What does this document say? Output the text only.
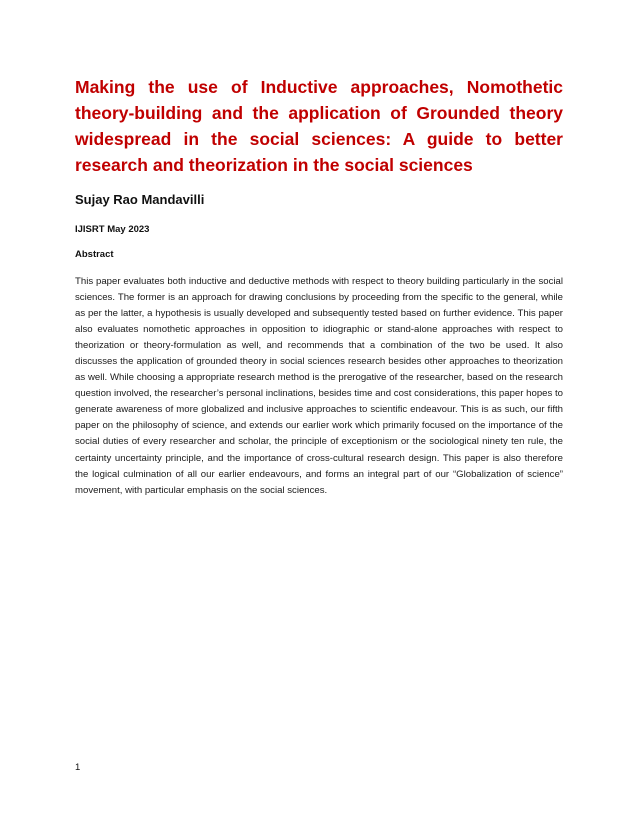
Making the use of Inductive approaches, Nomothetic theory-building and the application of Grounded theory widespread in the social sciences: A guide to better research and theorization in the social sciences

Sujay Rao Mandavilli

IJISRT May 2023

Abstract

This paper evaluates both inductive and deductive methods with respect to theory building particularly in the social sciences. The former is an approach for drawing conclusions by proceeding from the specific to the general, while as per the latter, a hypothesis is usually developed and subsequently tested based on further evidence. This paper also evaluates nomothetic approaches in opposition to idiographic or stand-alone approaches with respect to theorization or theory-formulation as well, and recommends that a combination of the two be used. It also discusses the application of grounded theory in social sciences research besides other approaches to theorization as well. While choosing a appropriate research method is the prerogative of the researcher, based on the research question involved, the researcher’s personal inclinations, besides time and cost considerations, this paper hopes to generate awareness of more globalized and inclusive approaches to scientific endeavour. This is as such, our fifth paper on the philosophy of science, and extends our earlier work which primarily focused on the importance of the social duties of every researcher and scholar, the principle of exceptionism or the sociological ninety ten rule, the certainty uncertainty principle, and the importance of cross-cultural research design. This paper is also therefore the logical culmination of all our earlier endeavours, and forms an integral part of our “Globalization of science” movement, with particular emphasis on the social sciences.

1
